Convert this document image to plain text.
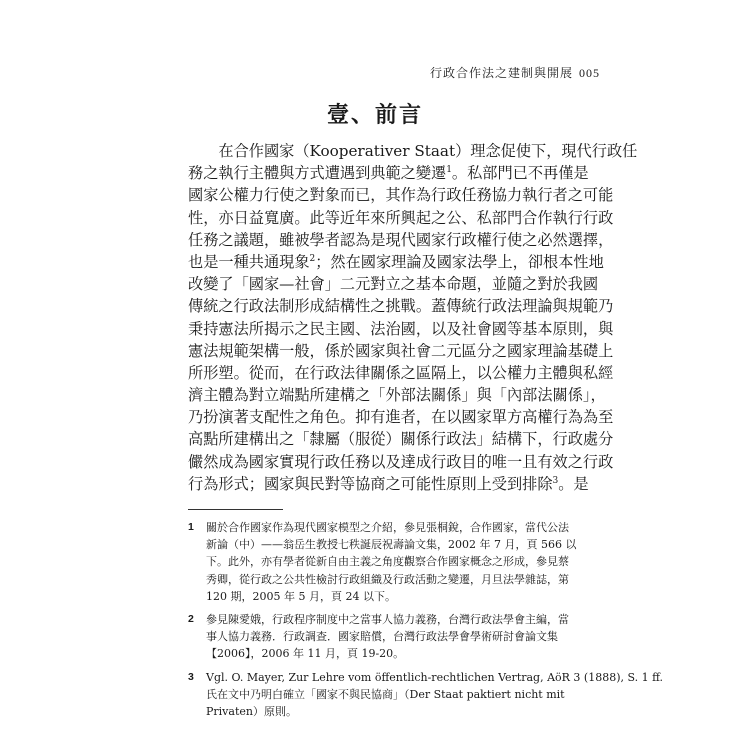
行政合作法之建制與開展 005
壹、前言
　　在合作國家（Kooperativer Staat）理念促使下，現代行政任
務之執行主體與方式遭遇到典範之變遷$^1$。私部門已不再僅是
國家公權力行使之對象而已，其作為行政任務協力執行者之可能
性，亦日益寬廣。此等近年來所興起之公、私部門合作執行行政
任務之議題，雖被學者認為是現代國家行政權行使之必然選擇，
也是一種共通現象$^2$；然在國家理論及國家法學上，卻根本性地
改變了「國家—社會」二元對立之基本命題，並隨之對於我國
傳統之行政法制形成結構性之挑戰。蓋傳統行政法理論與規範乃
秉持憲法所揭示之民主國、法治國，以及社會國等基本原則，與
憲法規範架構一般，係於國家與社會二元區分之國家理論基礎上
所形塑。從而，在行政法律關係之區隔上，以公權力主體與私經
濟主體為對立端點所建構之「外部法關係」與「內部法關係」，
乃扮演著支配性之角色。抑有進者，在以國家單方高權行為為至
高點所建構出之「隸屬（服從）關係行政法」結構下，行政處分
儼然成為國家實現行政任務以及達成行政目的唯一且有效之行政
行為形式；國家與民對等協商之可能性原則上受到排除$^3$。是
1	關於合作國家作為現代國家模型之介紹，參見張桐銳，合作國家，當代公法
新論（中）——翁岳生教授七秩誕辰祝壽論文集，2002 年 7 月，頁 566 以
下。此外，亦有學者從新自由主義之角度觀察合作國家概念之形成，參見蔡
秀卿，從行政之公共性檢討行政組織及行政活動之變遷，月旦法學雜誌，第
120 期，2005 年 5 月，頁 24 以下。
2	參見陳愛娥，行政程序制度中之當事人協力義務，台灣行政法學會主編，當
事人協力義務．行政調查．國家賠償，台灣行政法學會學術研討會論文集
【2006】，2006 年 11 月，頁 19-20。
3	Vgl. O. Mayer, Zur Lehre vom öffentlich-rechtlichen Vertrag, AöR 3 (1888), S. 1 ff.
氏在文中乃明白確立「國家不與民協商」（Der Staat paktiert nicht mit
Privaten）原則。
